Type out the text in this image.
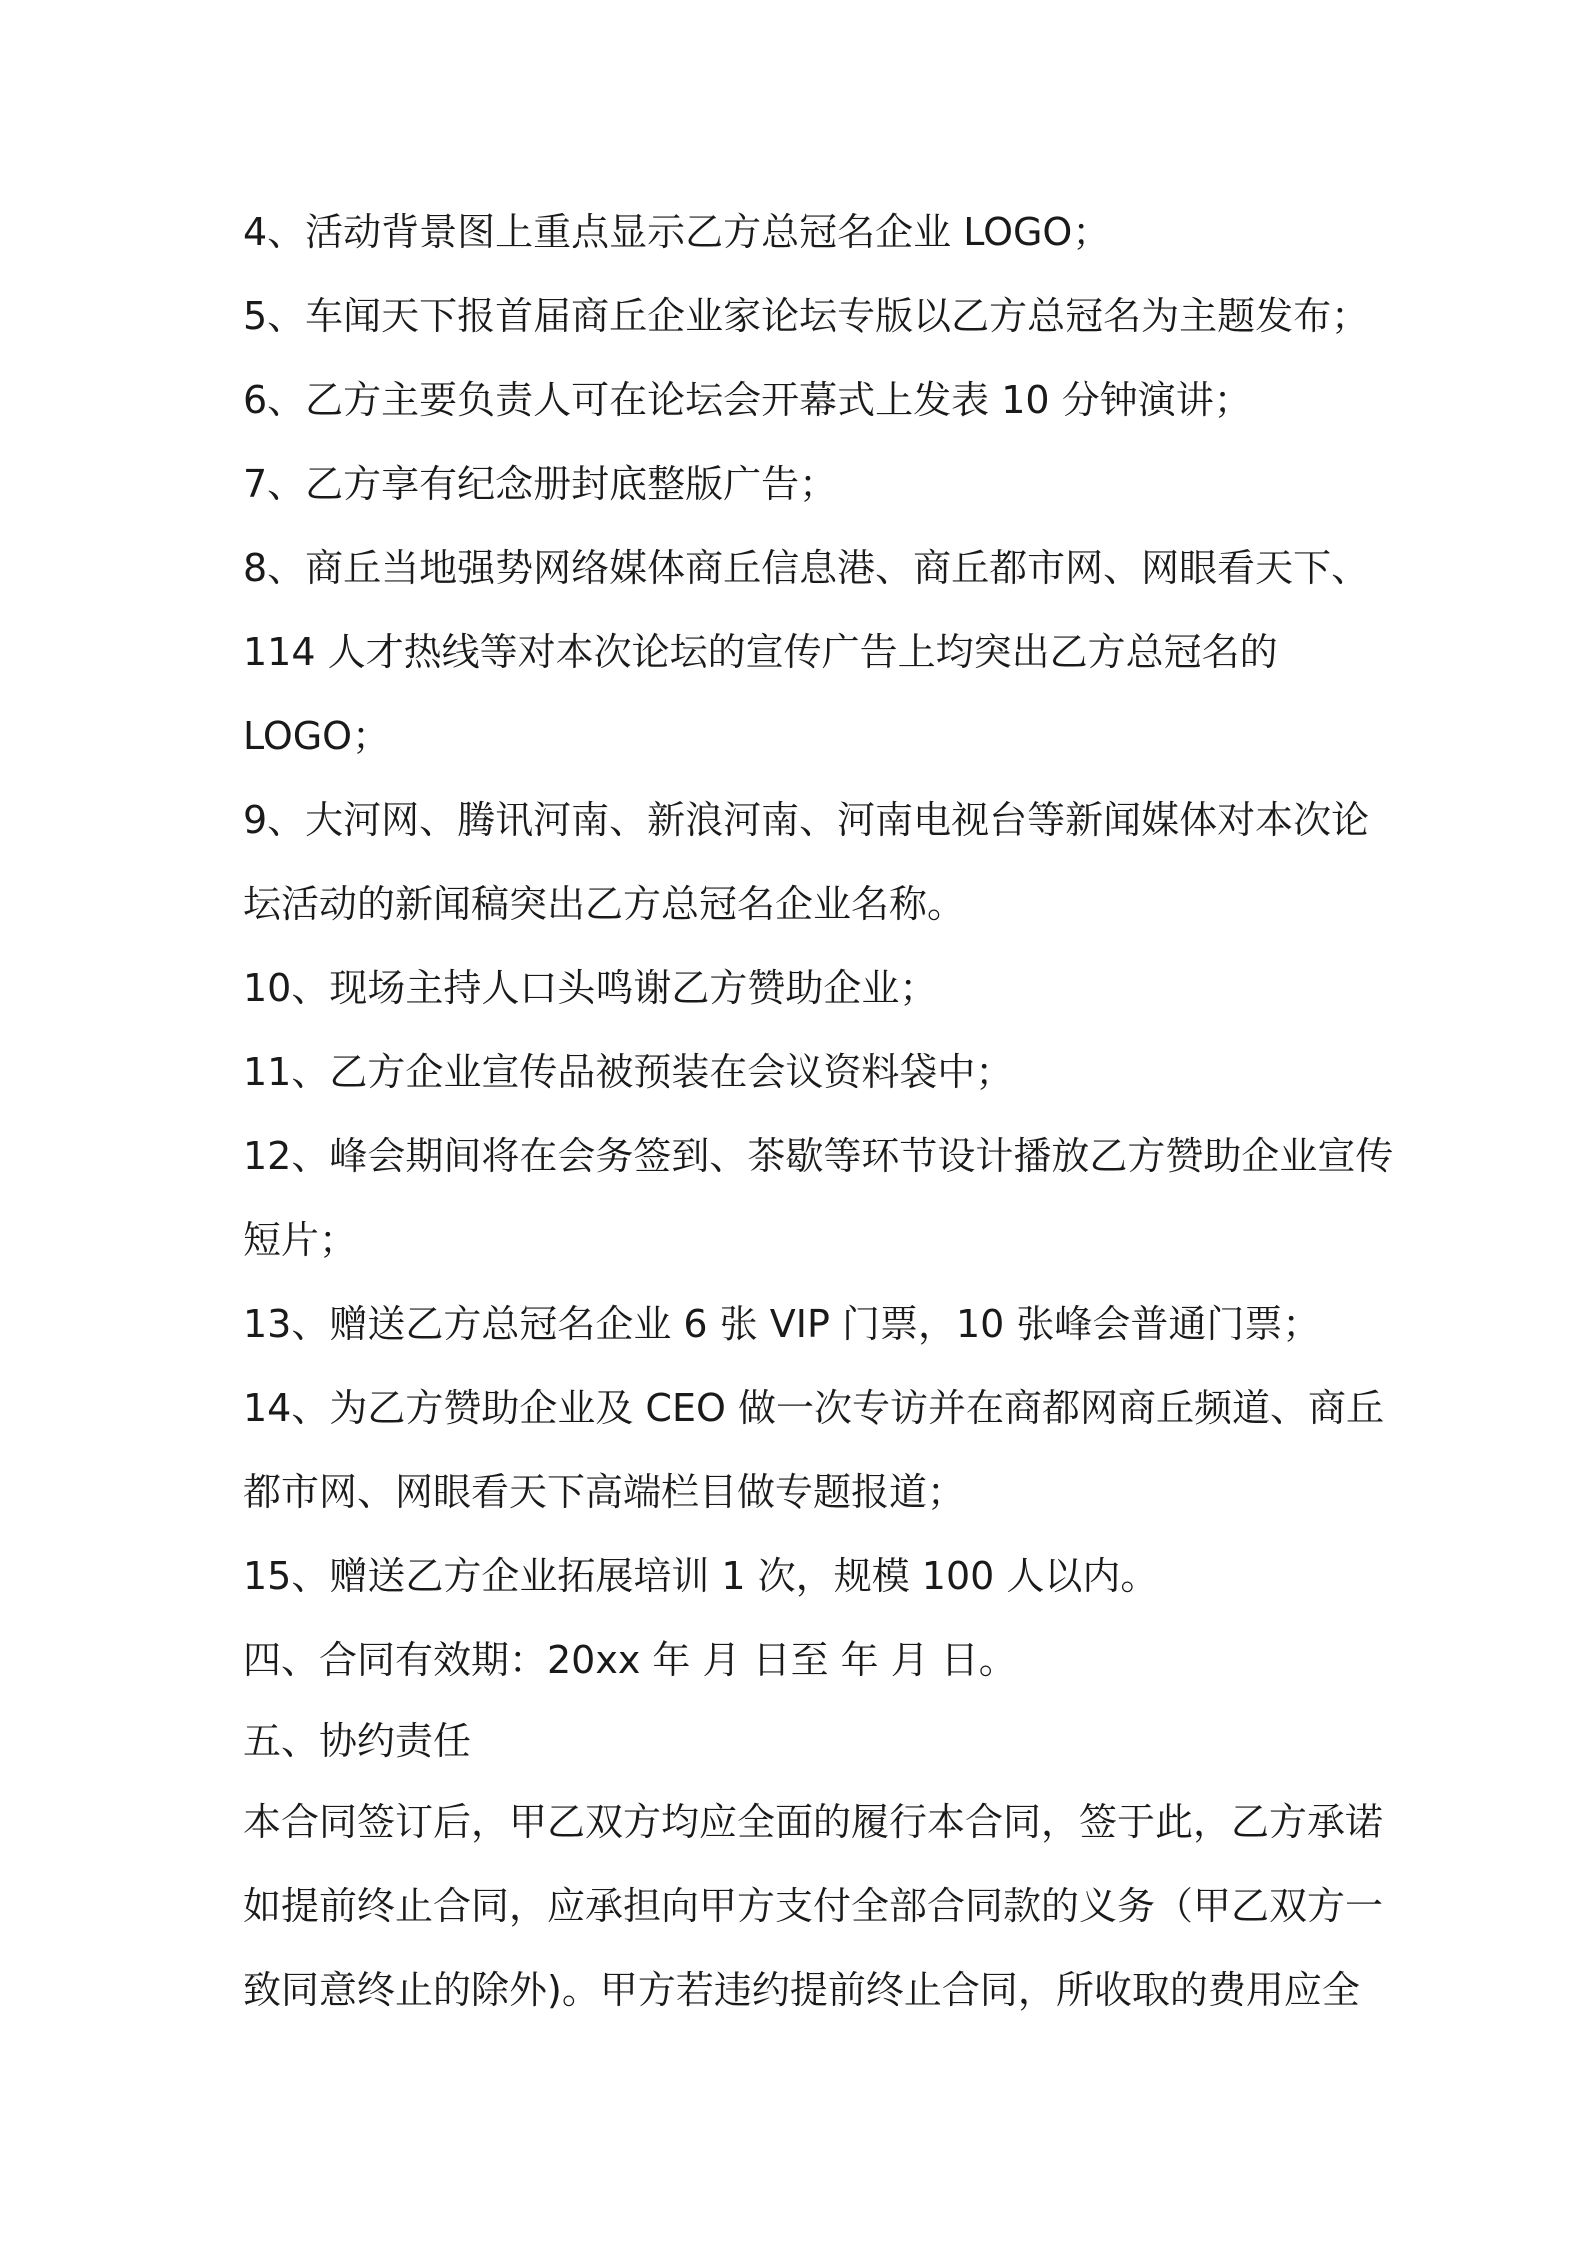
4、活动背景图上重点显示乙方总冠名企业 LOGO；
5、车闻天下报首届商丘企业家论坛专版以乙方总冠名为主题发布；
6、乙方主要负责人可在论坛会开幕式上发表 10 分钟演讲；
7、乙方享有纪念册封底整版广告；
8、商丘当地强势网络媒体商丘信息港、商丘都市网、网眼看天下、
114 人才热线等对本次论坛的宣传广告上均突出乙方总冠名的
LOGO；
9、大河网、腾讯河南、新浪河南、河南电视台等新闻媒体对本次论
坛活动的新闻稿突出乙方总冠名企业名称。
10、现场主持人口头鸣谢乙方赞助企业；
11、乙方企业宣传品被预装在会议资料袋中；
12、峰会期间将在会务签到、茶歇等环节设计播放乙方赞助企业宣传
短片；
13、赠送乙方总冠名企业 6 张 VIP 门票，10 张峰会普通门票；
14、为乙方赞助企业及 CEO 做一次专访并在商都网商丘频道、商丘
都市网、网眼看天下高端栏目做专题报道；
15、赠送乙方企业拓展培训 1 次，规模 100 人以内。
四、合同有效期：20xx 年 月 日至 年 月 日。
五、协约责任
本合同签订后，甲乙双方均应全面的履行本合同，签于此，乙方承诺
如提前终止合同，应承担向甲方支付全部合同款的义务（甲乙双方一
致同意终止的除外)。甲方若违约提前终止合同，所收取的费用应全
